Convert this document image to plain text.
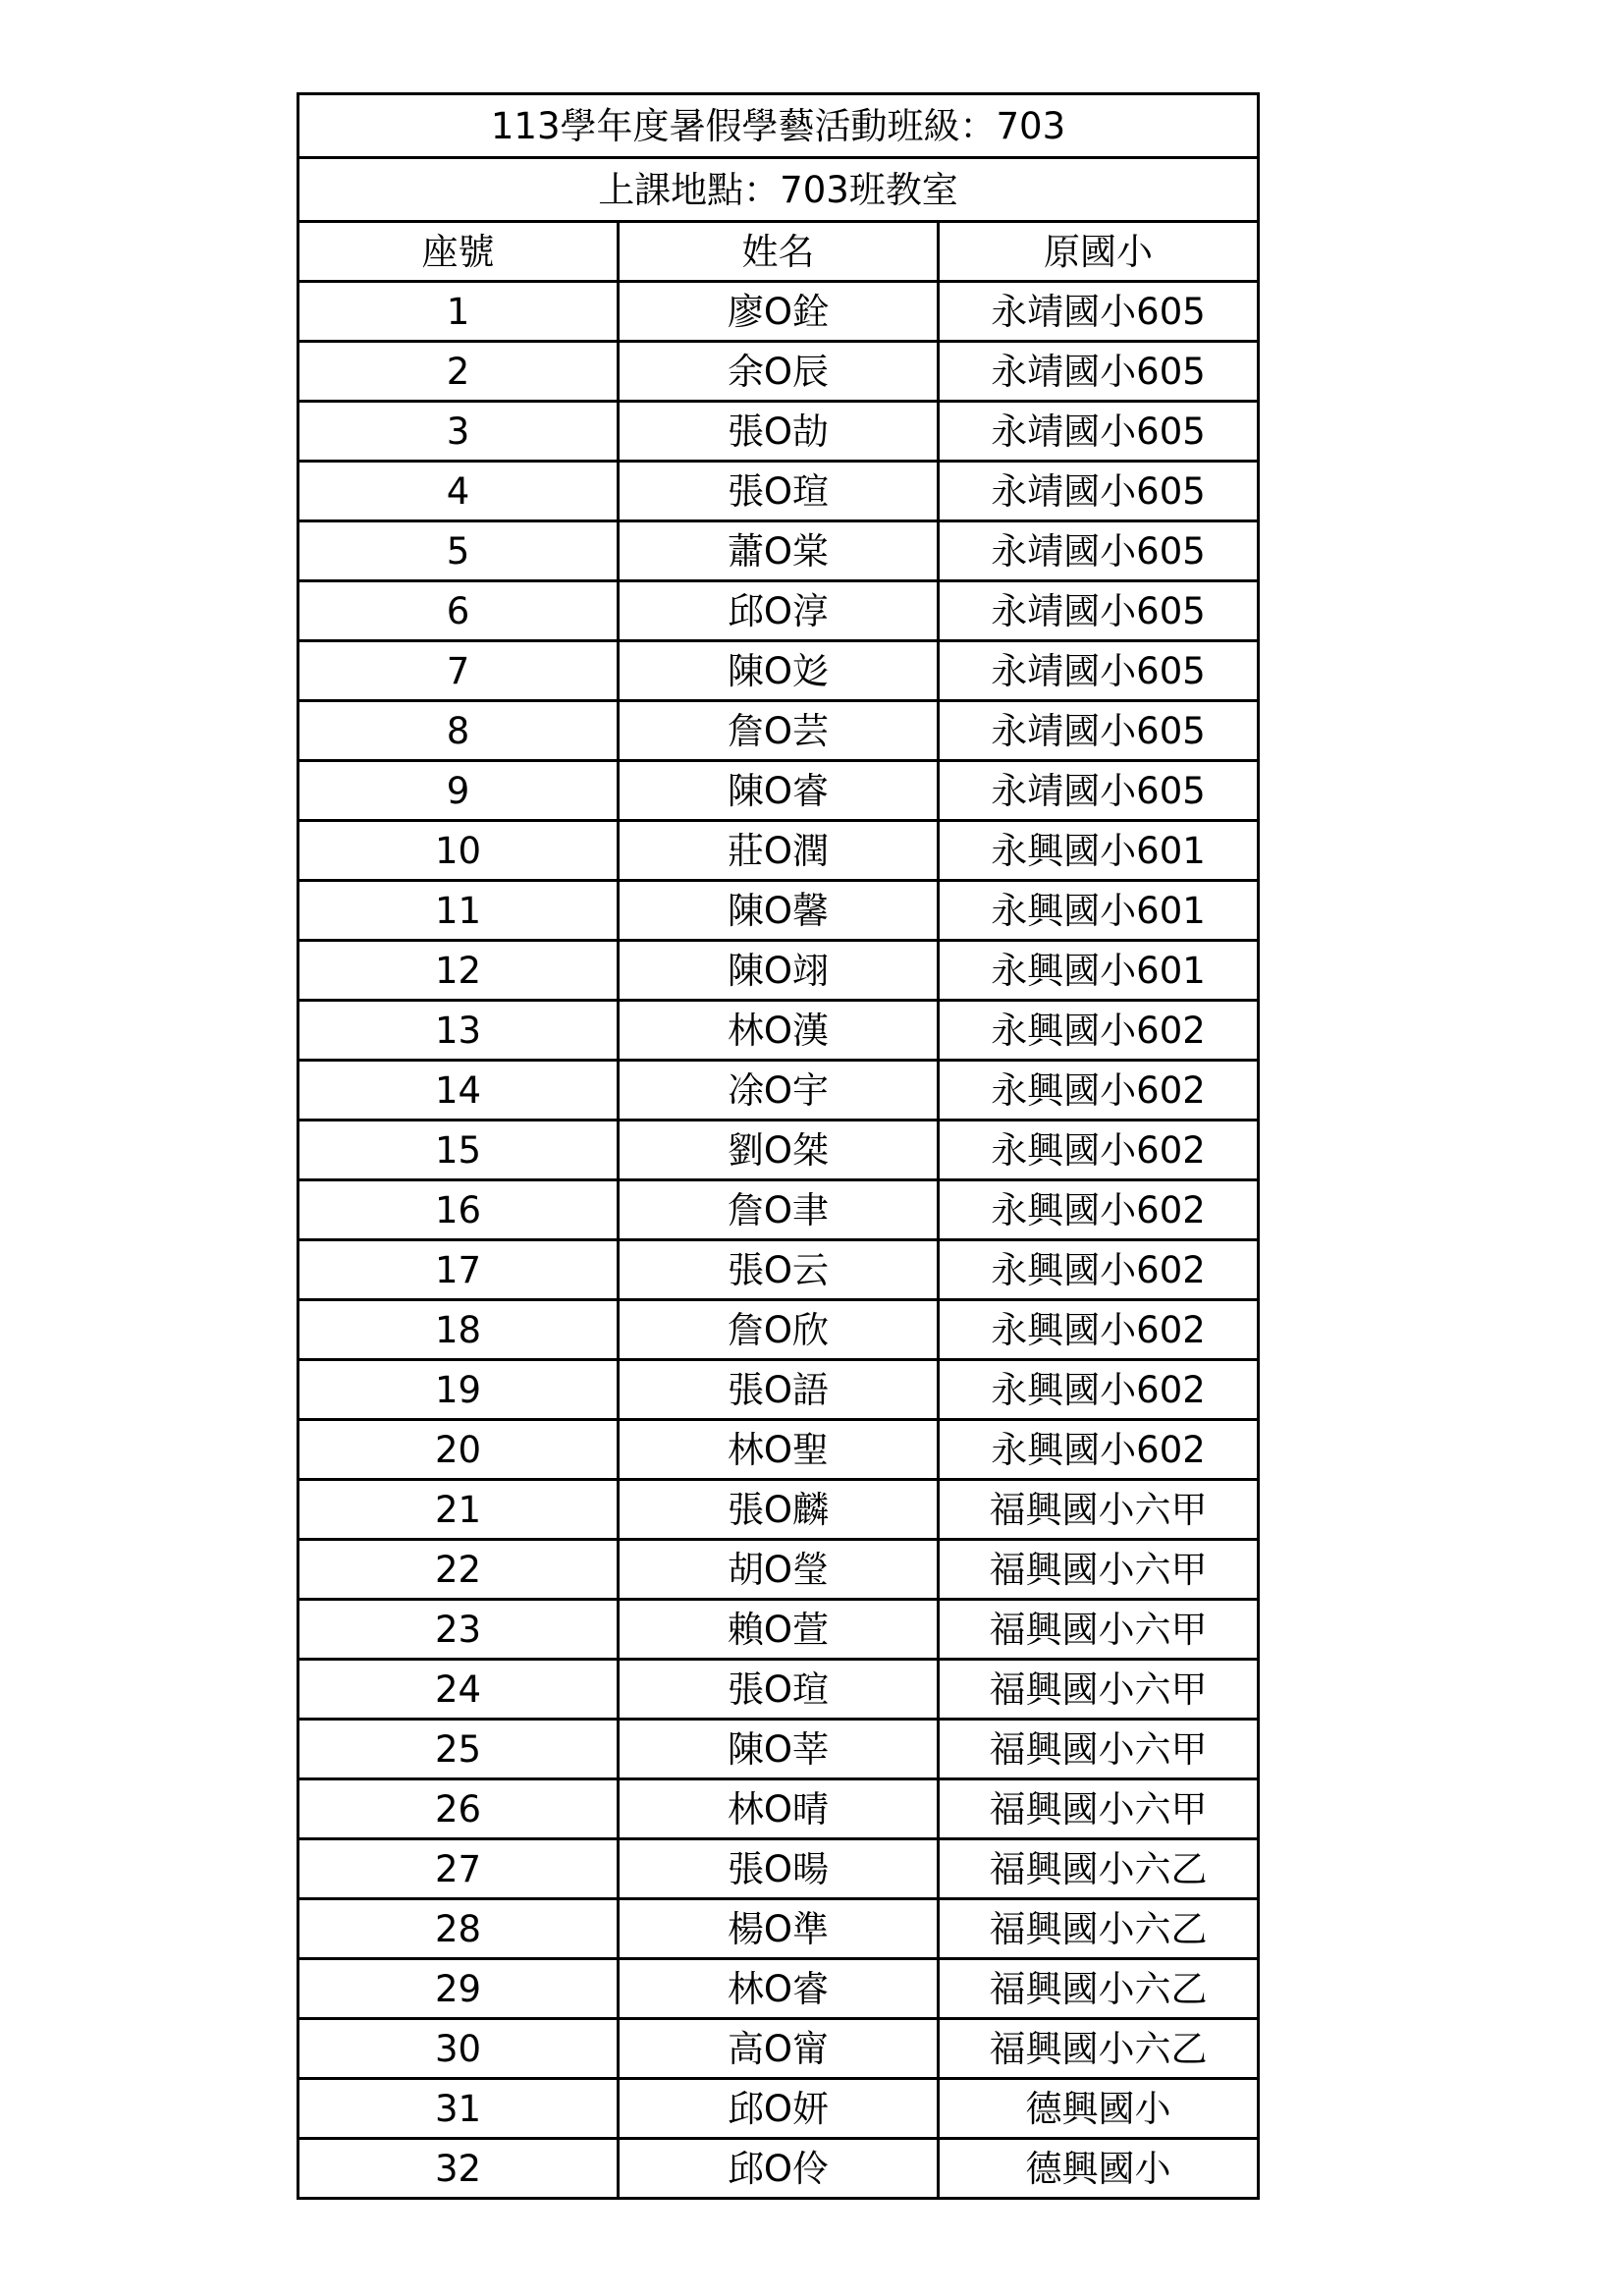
113學年度暑假學藝活動班級：703		
上課地點：703班教室		
座號	姓名	原國小
1	廖O銓	永靖國小605
2	余O辰	永靖國小605
3	張O劼	永靖國小605
4	張O瑄	永靖國小605
5	蕭O棠	永靖國小605
6	邱O淳	永靖國小605
7	陳O彣	永靖國小605
8	詹O芸	永靖國小605
9	陳O睿	永靖國小605
10	莊O潤	永興國小601
11	陳O馨	永興國小601
12	陳O翊	永興國小601
13	林O漢	永興國小602
14	凃O宇	永興國小602
15	劉O桀	永興國小602
16	詹O聿	永興國小602
17	張O云	永興國小602
18	詹O欣	永興國小602
19	張O語	永興國小602
20	林O聖	永興國小602
21	張O麟	福興國小六甲
22	胡O瑩	福興國小六甲
23	賴O萱	福興國小六甲
24	張O瑄	福興國小六甲
25	陳O莘	福興國小六甲
26	林O晴	福興國小六甲
27	張O暘	福興國小六乙
28	楊O準	福興國小六乙
29	林O睿	福興國小六乙
30	高O甯	福興國小六乙
31	邱O妍	德興國小
32	邱O伶	德興國小
